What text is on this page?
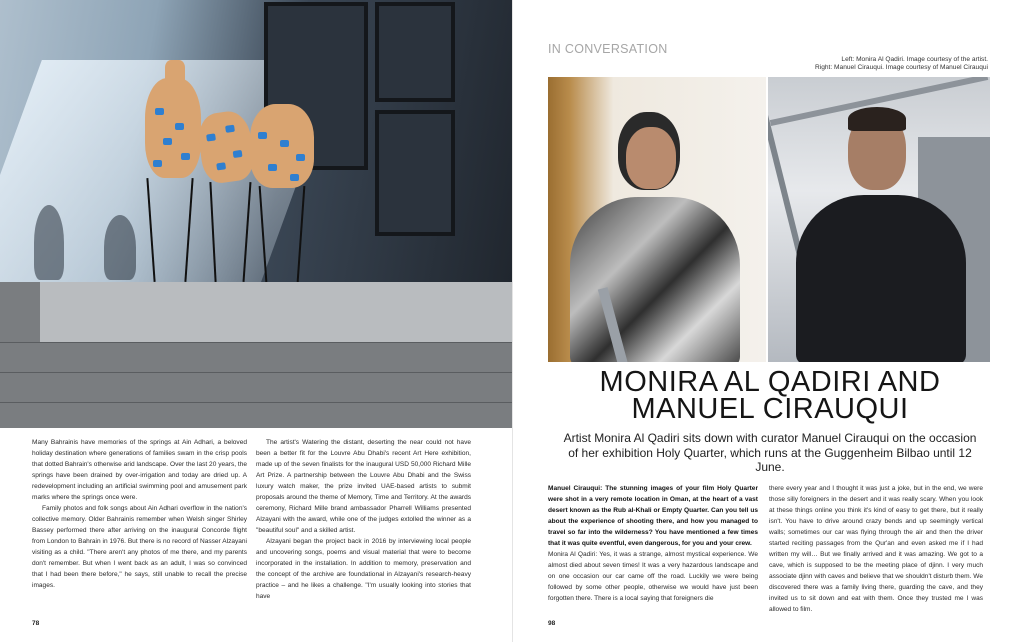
Many Bahrainis have memories of the springs at Ain Adhari, a beloved holiday destination where generations of families swam in the crisp pools that dotted Bahrain's otherwise arid landscape. Over the last 20 years, the springs have been drained by over-irrigation and today are dried up. A redevelopment including an artificial swimming pool and amusement park marks where the springs once were.

Family photos and folk songs about Ain Adhari overflow in the nation's collective memory. Older Bahrainis remember when Welsh singer Shirley Bassey performed there after arriving on the inaugural Concorde flight from London to Bahrain in 1976. But there is no record of Nasser Alzayani visiting as a child. "There aren't any photos of me there, and my parents don't remember. But when I went back as an adult, I was so convinced that I had been there before," he says, still unable to recall the precise images.

The artist's Watering the distant, deserting the near could not have been a better fit for the Louvre Abu Dhabi's recent Art Here exhibition, made up of the seven finalists for the inaugural USD 50,000 Richard Mille Art Prize. A partnership between the Louvre Abu Dhabi and the Swiss luxury watch maker, the prize invited UAE-based artists to submit proposals around the theme of Memory, Time and Territory. At the awards ceremony, Richard Mille brand ambassador Pharrell Williams presented Alzayani with the award, while one of the judges extolled the winner as a "beautiful soul" and a skilled artist.

Alzayani began the project back in 2016 by interviewing local people and uncovering songs, poems and visual material that were to become incorporated in the installation. In addition to memory, preservation and the concept of the archive are foundational in Alzayani's research-heavy practice – and he likes a challenge. "I'm usually looking into stories that have

78
IN CONVERSATION
Left: Monira Al Qadiri. Image courtesy of the artist.
Right: Manuel Cirauqui. Image courtesy of Manuel Cirauqui
MONIRA AL QADIRI AND
MANUEL CIRAUQUI
Artist Monira Al Qadiri sits down with curator Manuel Cirauqui on the occasion of her exhibition Holy Quarter, which runs at the Guggenheim Bilbao until 12 June.

Manuel Cirauqui: The stunning images of your film Holy Quarter were shot in a very remote location in Oman, at the heart of a vast desert known as the Rub al-Khali or Empty Quarter. Can you tell us about the experience of shooting there, and how you managed to travel so far into the wilderness? You have mentioned a few times that it was quite eventful, even dangerous, for you and your crew.

Monira Al Qadiri: Yes, it was a strange, almost mystical experience. We almost died about seven times! It was a very hazardous landscape and on one occasion our car came off the road. Luckily we were being followed by some other people, otherwise we would have just been forgotten there. There is a local saying that foreigners die

there every year and I thought it was just a joke, but in the end, we were those silly foreigners in the desert and it was really scary. When you look at these things online you think it's kind of easy to get there, but it really isn't. You have to drive around crazy bends and up seemingly vertical walls; sometimes our car was flying through the air and then the driver started reciting passages from the Qur'an and even asked me if I had written my will… But we finally arrived and it was amazing. We got to a cave, which is supposed to be the meeting place of djinn. I very much associate djinn with caves and believe that we shouldn't disturb them. We discovered there was a family living there, guarding the cave, and they invited us to sit down and eat with them. Once they trusted me I was allowed to film.

98
